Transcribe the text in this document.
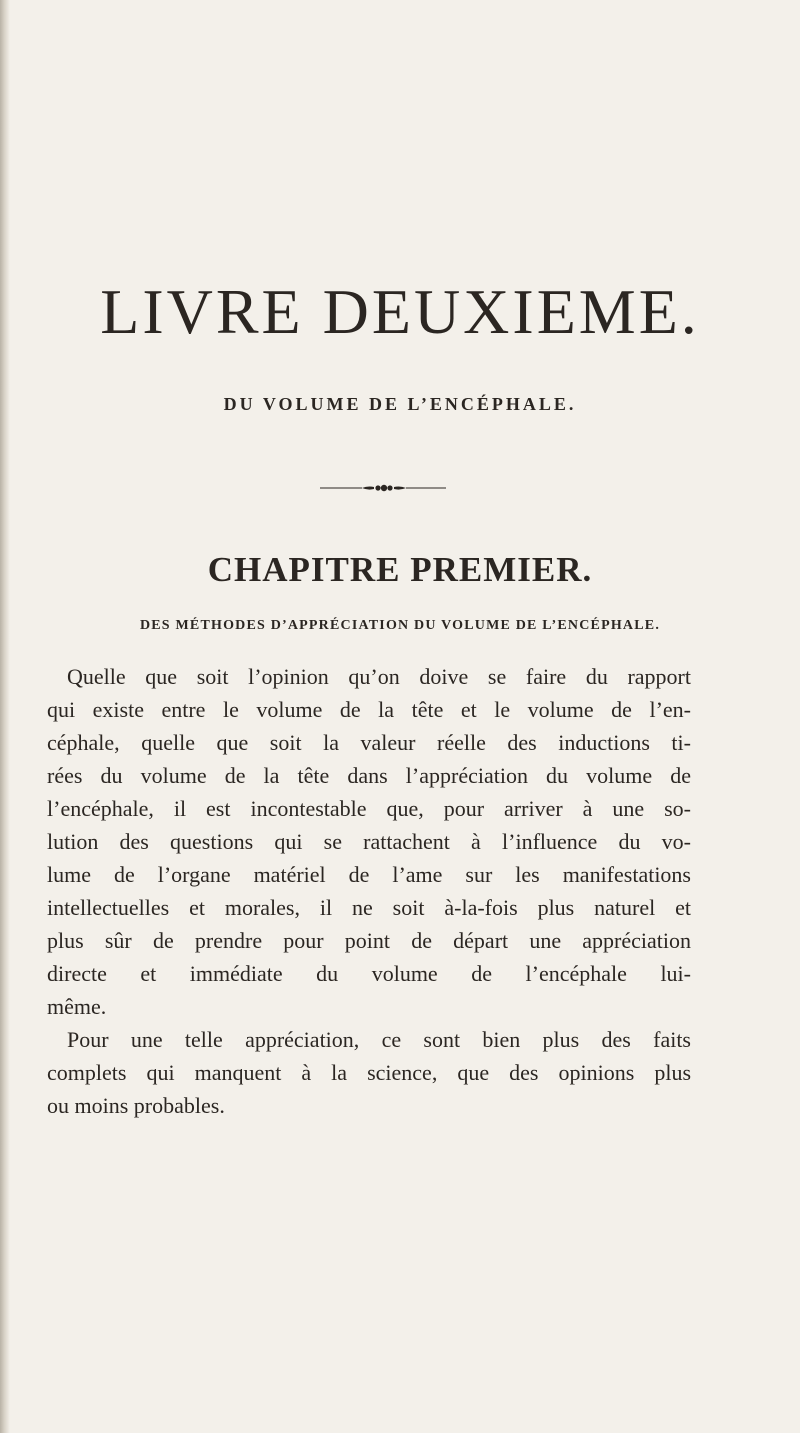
LIVRE DEUXIEME.
DU VOLUME DE L’ENCÉPHALE.
CHAPITRE PREMIER.
DES MÉTHODES D’APPRÉCIATION DU VOLUME DE L’ENCÉPHALE.

Quelle que soit l’opinion qu’on doive se faire du rapport
qui existe entre le volume de la tête et le volume de l’en-
céphale, quelle que soit la valeur réelle des inductions ti-
rées du volume de la tête dans l’appréciation du volume de
l’encéphale, il est incontestable que, pour arriver à une so-
lution des questions qui se rattachent à l’influence du vo-
lume de l’organe matériel de l’ame sur les manifestations
intellectuelles et morales, il ne soit à-la-fois plus naturel et
plus sûr de prendre pour point de départ une appréciation
directe et immédiate du volume de l’encéphale lui-
même.

Pour une telle appréciation, ce sont bien plus des faits
complets qui manquent à la science, que des opinions plus
ou moins probables.
